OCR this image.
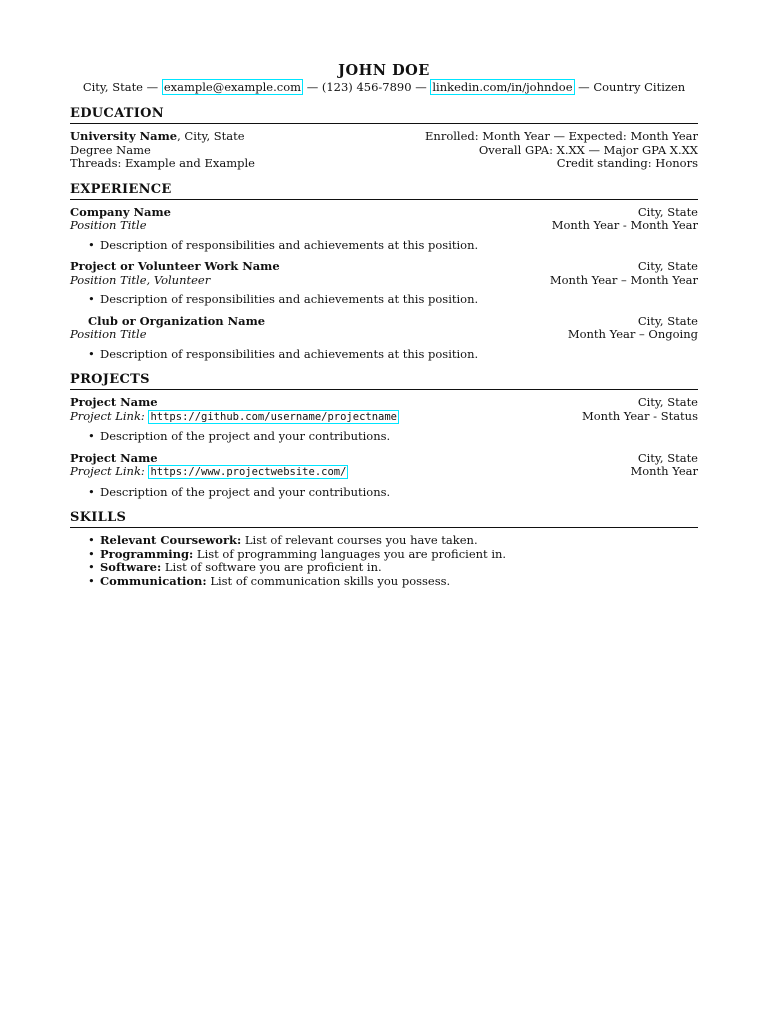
JOHN DOE
City, State — example@example.com — (123) 456-7890 — linkedin.com/in/johndoe — Country Citizen
EDUCATION
University Name, City, State	Enrolled: Month Year — Expected: Month Year
Degree Name	Overall GPA: X.XX — Major GPA X.XX
Threads: Example and Example	Credit standing: Honors
EXPERIENCE
Company Name	City, State
Position Title	Month Year - Month Year
• Description of responsibilities and achievements at this position.
Project or Volunteer Work Name	City, State
Position Title, Volunteer	Month Year – Month Year
• Description of responsibilities and achievements at this position.
Club or Organization Name	City, State
Position Title	Month Year – Ongoing
• Description of responsibilities and achievements at this position.
PROJECTS
Project Name	City, State
Project Link: https://github.com/username/projectname	Month Year - Status
• Description of the project and your contributions.
Project Name	City, State
Project Link: https://www.projectwebsite.com/	Month Year
• Description of the project and your contributions.
SKILLS
• Relevant Coursework: List of relevant courses you have taken.
• Programming: List of programming languages you are proficient in.
• Software: List of software you are proficient in.
• Communication: List of communication skills you possess.
